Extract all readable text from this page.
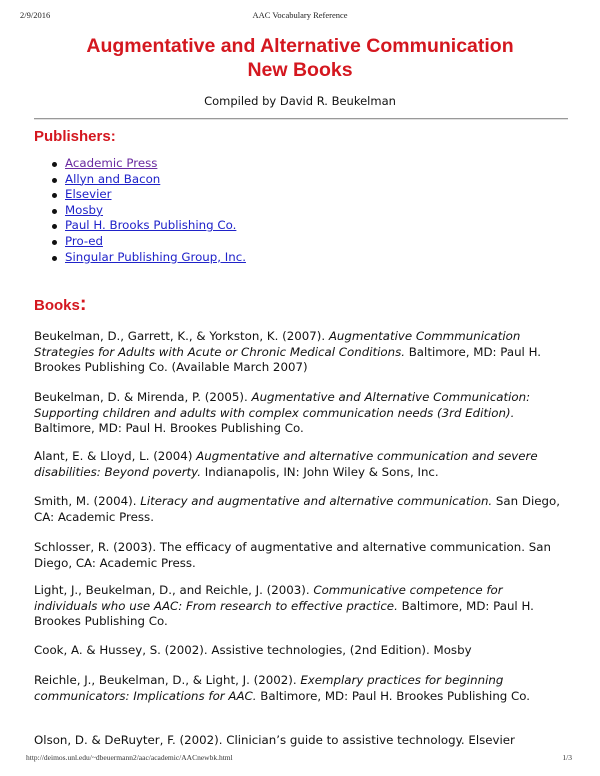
2/9/2016	AAC Vocabulary Reference
Augmentative and Alternative Communication
New Books
Compiled by David R. Beukelman
Publishers:
Academic Press
Allyn and Bacon
Elsevier
Mosby
Paul H. Brooks Publishing Co.
Pro-ed
Singular Publishing Group, Inc.
Books:

Beukelman, D., Garrett, K., & Yorkston, K. (2007). Augmentative Commmunication Strategies for Adults with Acute or Chronic Medical Conditions. Baltimore, MD: Paul H. Brookes Publishing Co. (Available March 2007)

Beukelman, D. & Mirenda, P. (2005). Augmentative and Alternative Communication: Supporting children and adults with complex communication needs (3rd Edition). Baltimore, MD: Paul H. Brookes Publishing Co.

Alant, E. & Lloyd, L. (2004) Augmentative and alternative communication and severe disabilities: Beyond poverty. Indianapolis, IN: John Wiley & Sons, Inc.

Smith, M. (2004). Literacy and augmentative and alternative communication. San Diego, CA: Academic Press.

Schlosser, R. (2003). The efficacy of augmentative and alternative communication. San Diego, CA: Academic Press.

Light, J., Beukelman, D., and Reichle, J. (2003). Communicative competence for individuals who use AAC: From research to effective practice. Baltimore, MD: Paul H. Brookes Publishing Co.

Cook, A. & Hussey, S. (2002). Assistive technologies, (2nd Edition). Mosby

Reichle, J., Beukelman, D., & Light, J. (2002). Exemplary practices for beginning communicators: Implications for AAC. Baltimore, MD: Paul H. Brookes Publishing Co.

Olson, D. & DeRuyter, F. (2002). Clinician’s guide to assistive technology. Elsevier

http://deimos.unl.edu/~dbeuermann2/aac/academic/AACnewbk.html	1/3
